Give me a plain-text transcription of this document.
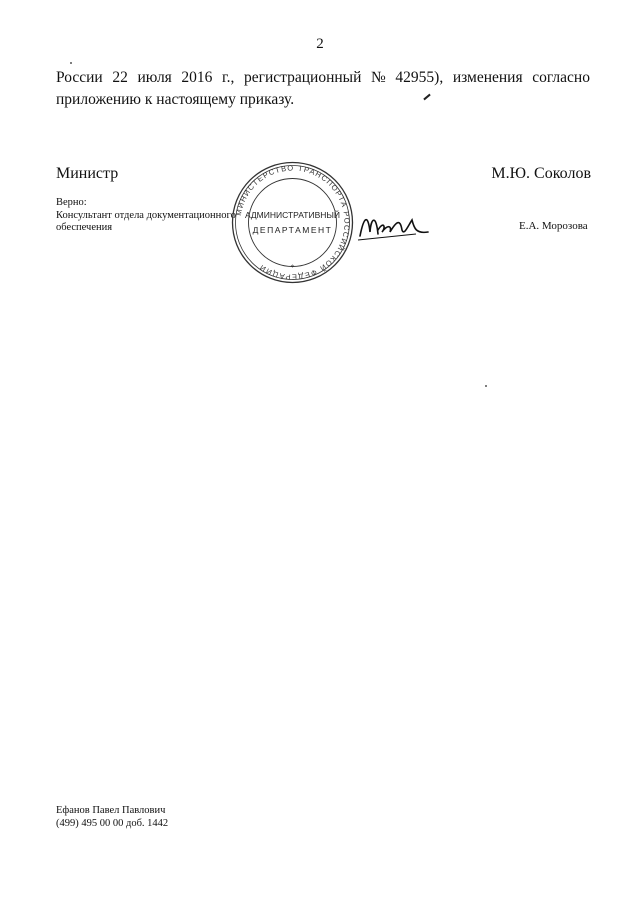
2
России 22 июля 2016 г., регистрационный № 42955), изменения согласно
приложению к настоящему приказу.
Министр	М.Ю. Соколов
Верно:
Консультант отдела документационного
обеспечения	Е.А. Морозова
МИНИСТЕРСТВО ТРАНСПОРТА РОССИЙСКОЙ ФЕДЕРАЦИИ
АДМИНИСТРАТИВНЫЙ
ДЕПАРТАМЕНТ
*
Ефанов Павел Павлович
(499) 495 00 00 доб. 1442
